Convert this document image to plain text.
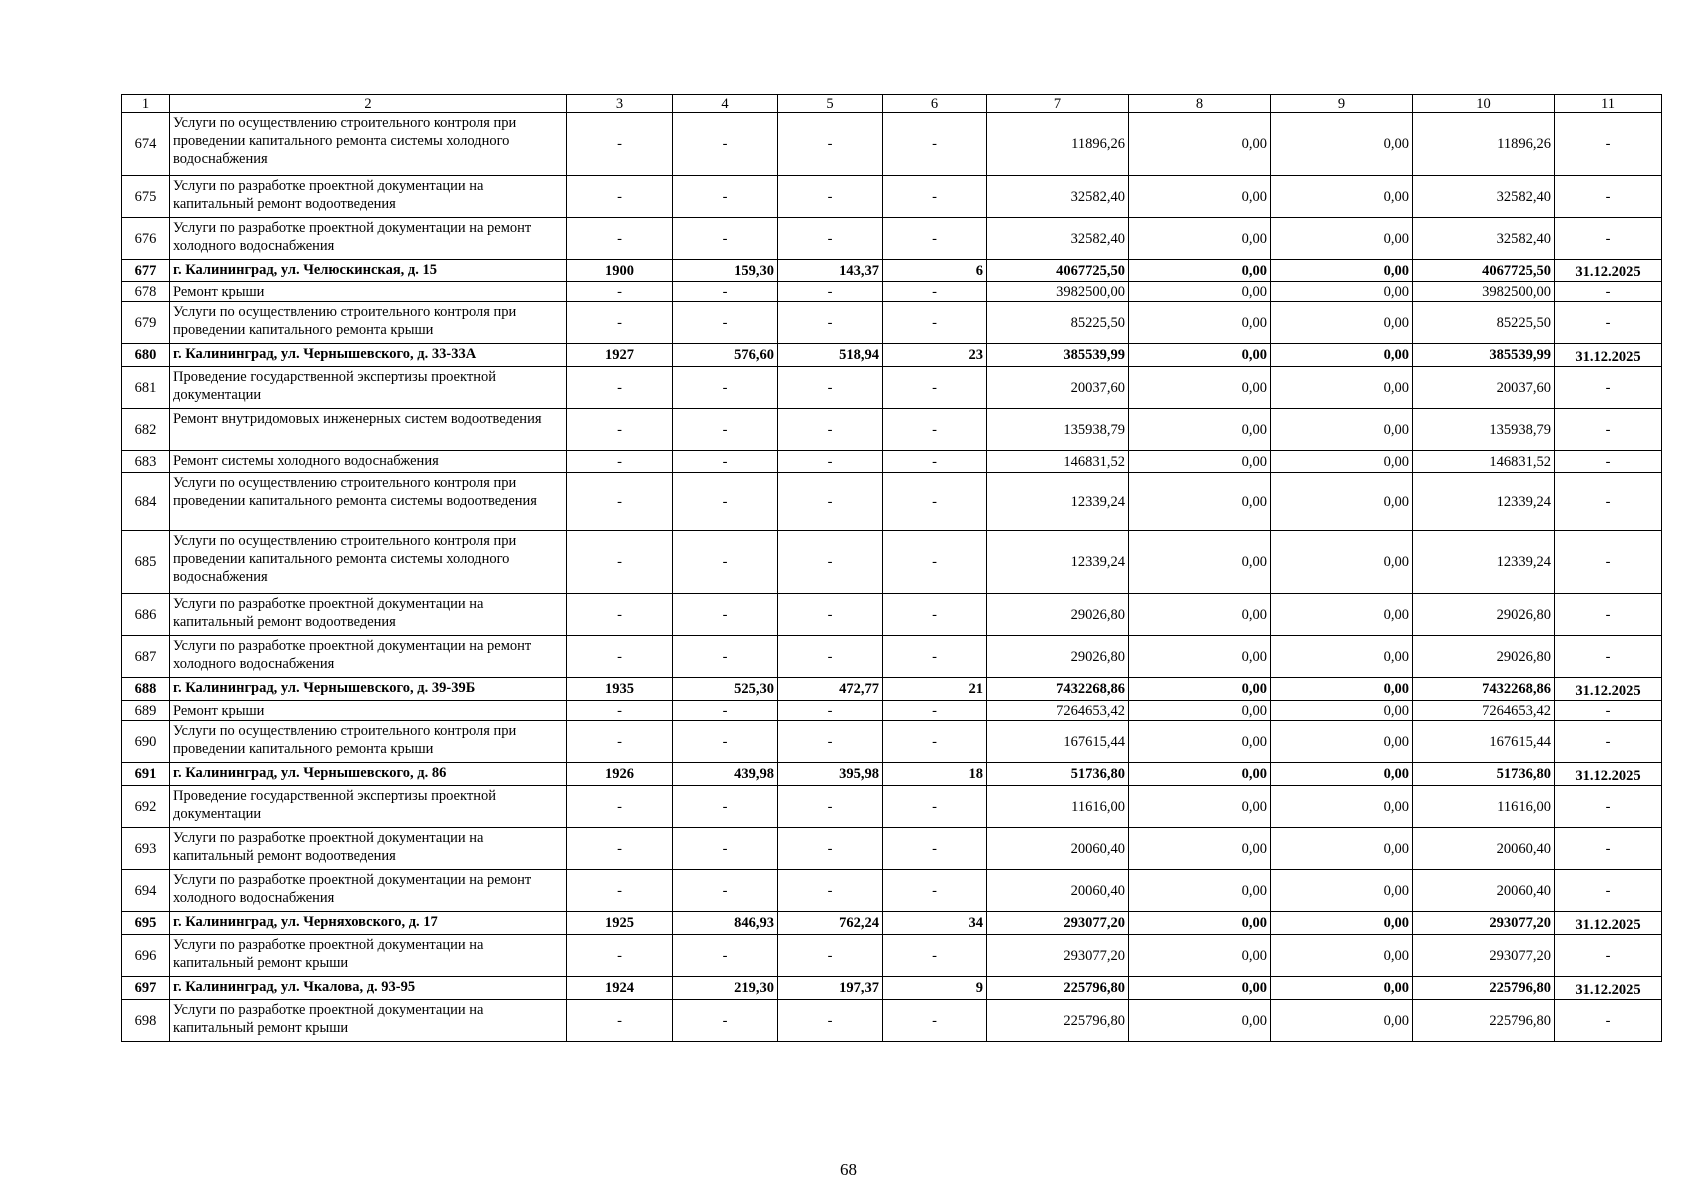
1	2	3	4	5	6	7	8	9	10	11
674	Услуги по осуществлению строительного контроля при проведении капитального ремонта системы холодного водоснабжения	-	-	-	-	11896,26	0,00	0,00	11896,26	-
675	Услуги по разработке проектной документации на капитальный ремонт водоотведения	-	-	-	-	32582,40	0,00	0,00	32582,40	-
676	Услуги по разработке проектной документации на ремонт холодного водоснабжения	-	-	-	-	32582,40	0,00	0,00	32582,40	-
677	г. Калининград, ул. Челюскинская, д. 15	1900	159,30	143,37	6	4067725,50	0,00	0,00	4067725,50	31.12.2025
678	Ремонт крыши	-	-	-	-	3982500,00	0,00	0,00	3982500,00	-
679	Услуги по осуществлению строительного контроля при проведении капитального ремонта крыши	-	-	-	-	85225,50	0,00	0,00	85225,50	-
680	г. Калининград, ул. Чернышевского, д. 33-33А	1927	576,60	518,94	23	385539,99	0,00	0,00	385539,99	31.12.2025
681	Проведение государственной экспертизы проектной документации	-	-	-	-	20037,60	0,00	0,00	20037,60	-
682	Ремонт внутридомовых инженерных систем водоотведения	-	-	-	-	135938,79	0,00	0,00	135938,79	-
683	Ремонт системы холодного водоснабжения	-	-	-	-	146831,52	0,00	0,00	146831,52	-
684	Услуги по осуществлению строительного контроля при проведении капитального ремонта системы водоотведения	-	-	-	-	12339,24	0,00	0,00	12339,24	-
685	Услуги по осуществлению строительного контроля при проведении капитального ремонта системы холодного водоснабжения	-	-	-	-	12339,24	0,00	0,00	12339,24	-
686	Услуги по разработке проектной документации на капитальный ремонт водоотведения	-	-	-	-	29026,80	0,00	0,00	29026,80	-
687	Услуги по разработке проектной документации на ремонт холодного водоснабжения	-	-	-	-	29026,80	0,00	0,00	29026,80	-
688	г. Калининград, ул. Чернышевского, д. 39-39Б	1935	525,30	472,77	21	7432268,86	0,00	0,00	7432268,86	31.12.2025
689	Ремонт крыши	-	-	-	-	7264653,42	0,00	0,00	7264653,42	-
690	Услуги по осуществлению строительного контроля при проведении капитального ремонта крыши	-	-	-	-	167615,44	0,00	0,00	167615,44	-
691	г. Калининград, ул. Чернышевского, д. 86	1926	439,98	395,98	18	51736,80	0,00	0,00	51736,80	31.12.2025
692	Проведение государственной экспертизы проектной документации	-	-	-	-	11616,00	0,00	0,00	11616,00	-
693	Услуги по разработке проектной документации на капитальный ремонт водоотведения	-	-	-	-	20060,40	0,00	0,00	20060,40	-
694	Услуги по разработке проектной документации на ремонт холодного водоснабжения	-	-	-	-	20060,40	0,00	0,00	20060,40	-
695	г. Калининград, ул. Черняховского, д. 17	1925	846,93	762,24	34	293077,20	0,00	0,00	293077,20	31.12.2025
696	Услуги по разработке проектной документации на капитальный ремонт крыши	-	-	-	-	293077,20	0,00	0,00	293077,20	-
697	г. Калининград, ул. Чкалова, д. 93-95	1924	219,30	197,37	9	225796,80	0,00	0,00	225796,80	31.12.2025
698	Услуги по разработке проектной документации на капитальный ремонт крыши	-	-	-	-	225796,80	0,00	0,00	225796,80	-
68
